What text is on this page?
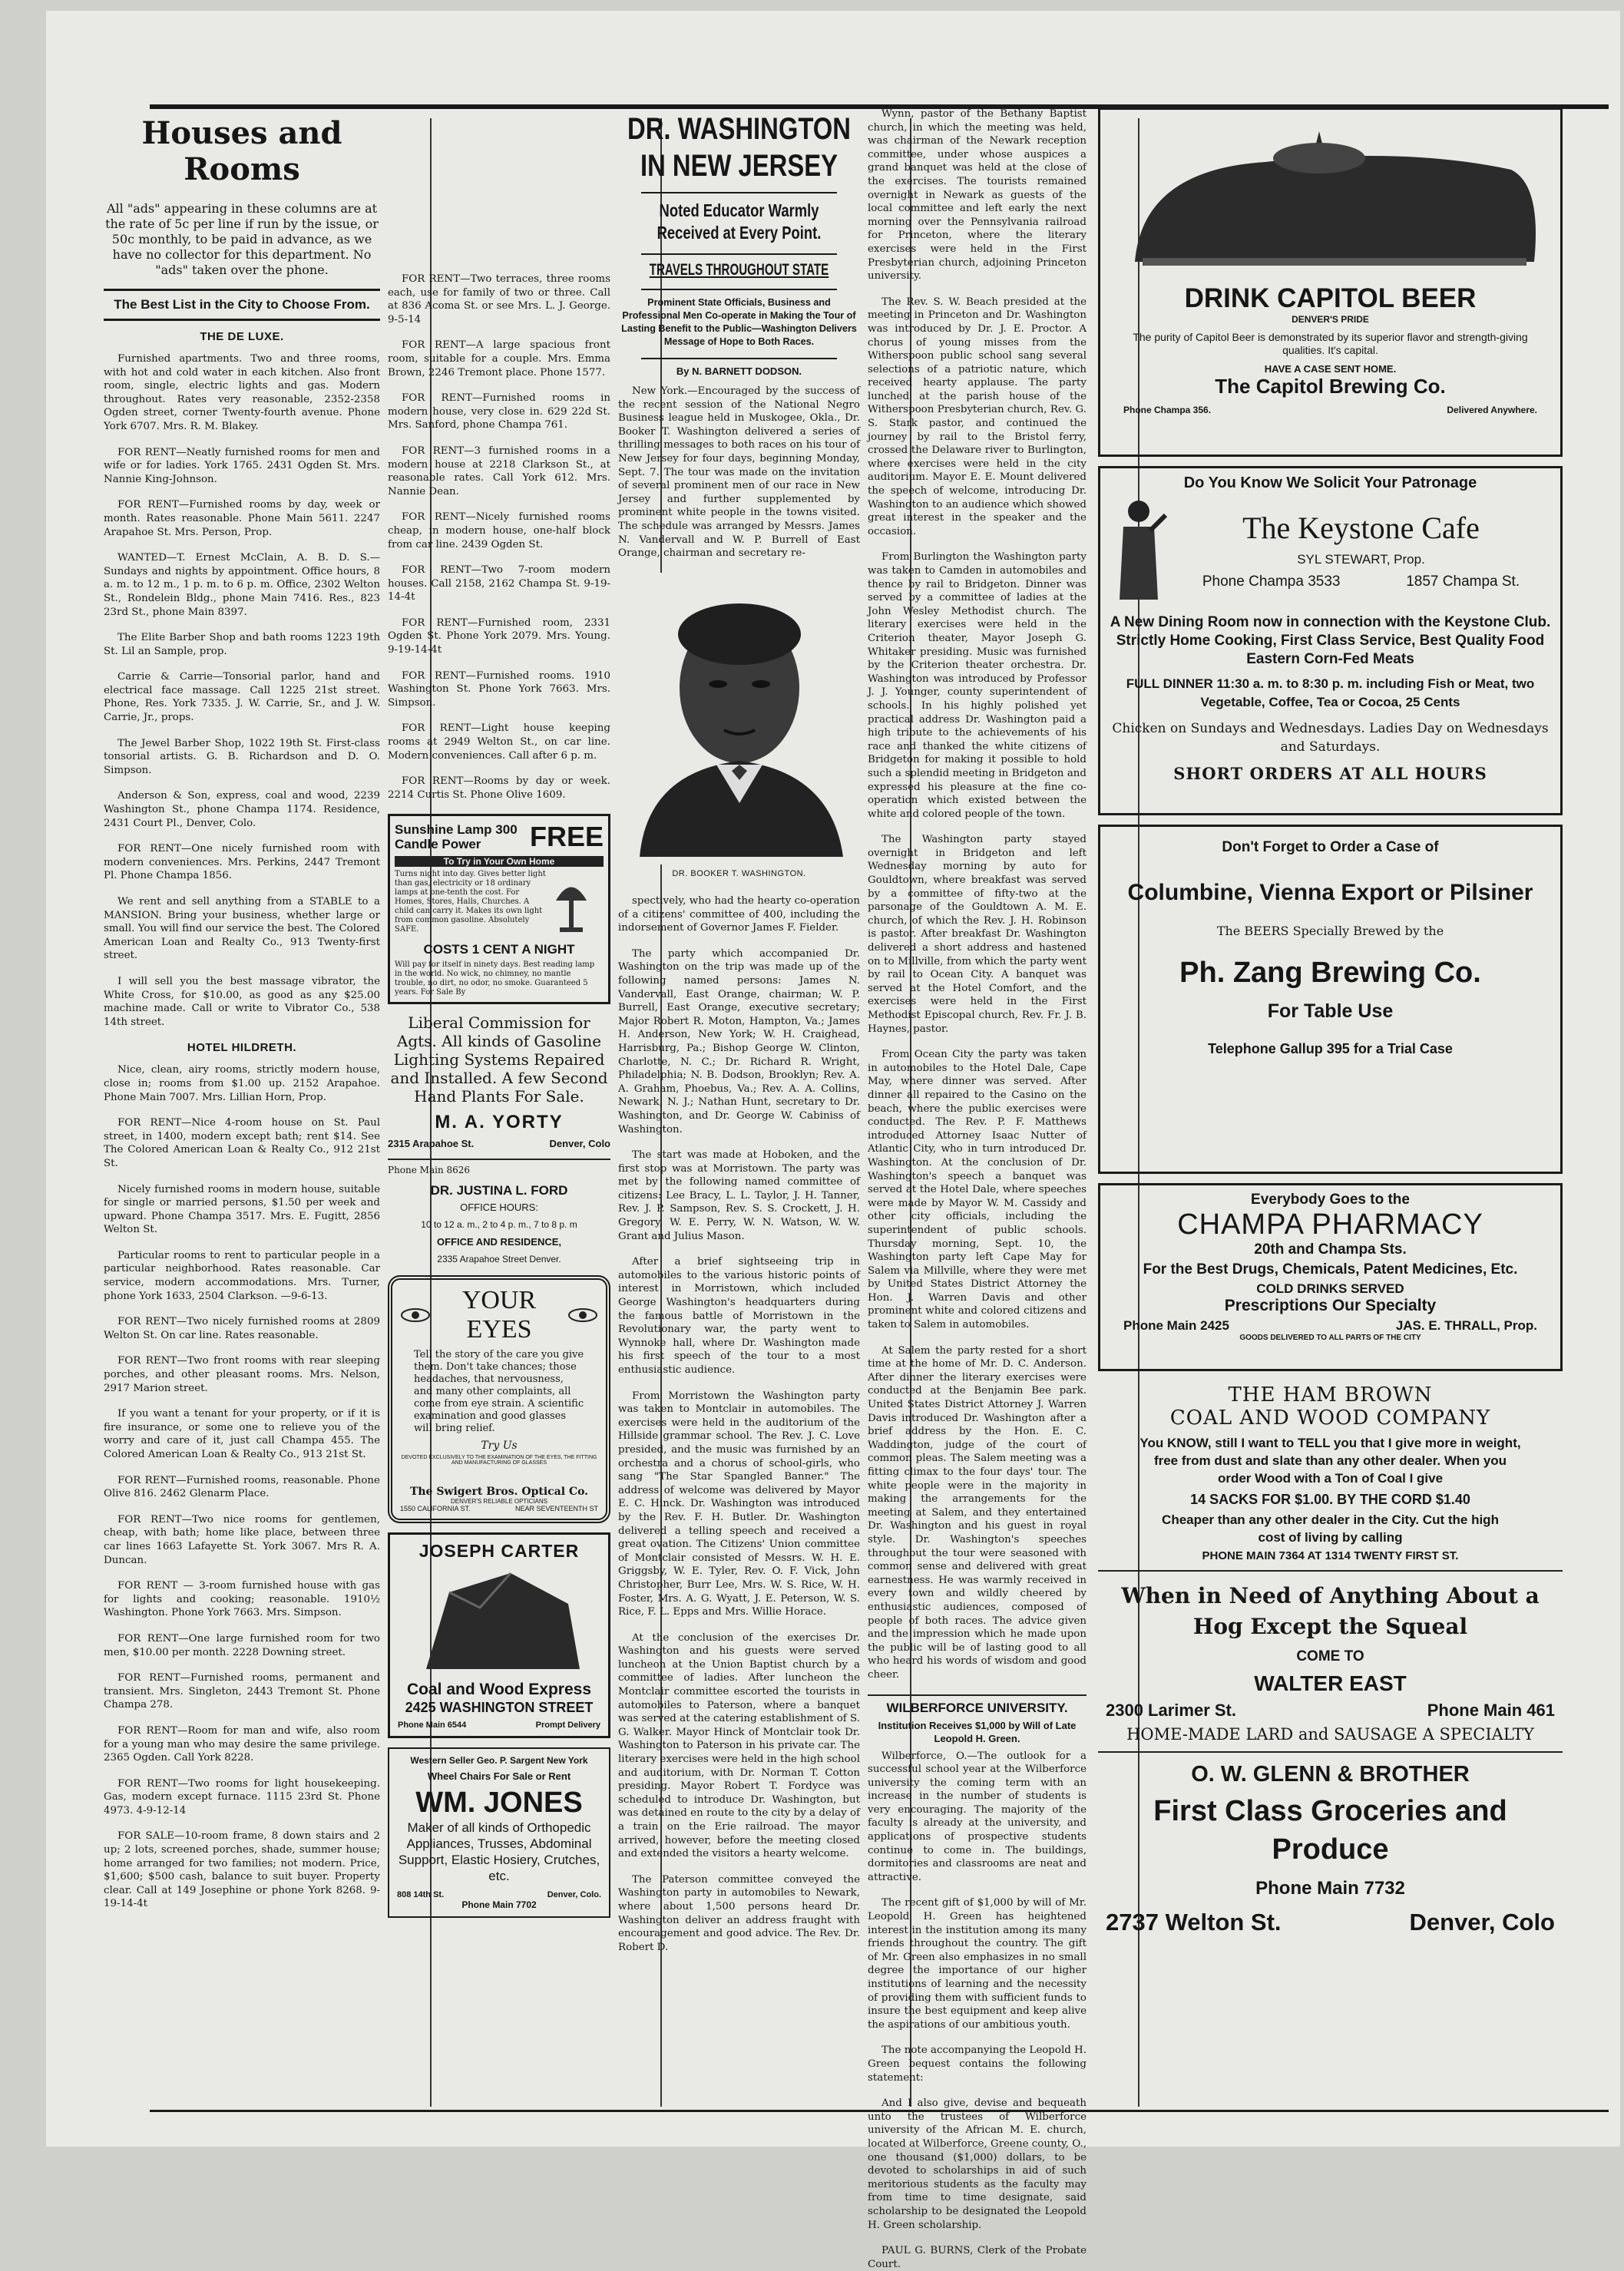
Houses and Rooms
All "ads" appearing in these columns are at the rate of 5c per line if run by the issue, or 50c monthly, to be paid in advance, as we have no collector for this department. No "ads" taken over the phone.
The Best List in the City to Choose From.
THE DE LUXE.

Furnished apartments. Two and three rooms, with hot and cold water in each kitchen. Also front room, single, electric lights and gas. Modern throughout. Rates very reasonable, 2352-2358 Ogden street, corner Twenty-fourth avenue. Phone York 6707. Mrs. R. M. Blakey.

FOR RENT—Neatly furnished rooms for men and wife or for ladies. York 1765. 2431 Ogden St. Mrs. Nannie King-Johnson.

FOR RENT—Furnished rooms by day, week or month. Rates reasonable. Phone Main 5611. 2247 Arapahoe St. Mrs. Person, Prop.

WANTED—T. Ernest McClain, A. B. D. S.—Sundays and nights by appointment. Office hours, 8 a. m. to 12 m., 1 p. m. to 6 p. m. Office, 2302 Welton St., Rondelein Bldg., phone Main 7416. Res., 823 23rd St., phone Main 8397.

The Elite Barber Shop and bath rooms 1223 19th St. Lil an Sample, prop.

Carrie & Carrie—Tonsorial parlor, hand and electrical face massage. Call 1225 21st street. Phone, Res. York 7335. J. W. Carrie, Sr., and J. W. Carrie, Jr., props.

The Jewel Barber Shop, 1022 19th St. First-class tonsorial artists. G. B. Richardson and D. O. Simpson.

Anderson & Son, express, coal and wood, 2239 Washington St., phone Champa 1174. Residence, 2431 Court Pl., Denver, Colo.

FOR RENT—One nicely furnished room with modern conveniences. Mrs. Perkins, 2447 Tremont Pl. Phone Champa 1856.

We rent and sell anything from a STABLE to a MANSION. Bring your business, whether large or small. You will find our service the best. The Colored American Loan and Realty Co., 913 Twenty-first street.

I will sell you the best massage vibrator, the White Cross, for $10.00, as good as any $25.00 machine made. Call or write to Vibrator Co., 538 14th street.

HOTEL HILDRETH.

Nice, clean, airy rooms, strictly modern house, close in; rooms from $1.00 up. 2152 Arapahoe. Phone Main 7007. Mrs. Lillian Horn, Prop.

FOR RENT—Nice 4-room house on St. Paul street, in 1400, modern except bath; rent $14. See The Colored American Loan & Realty Co., 912 21st St.

Nicely furnished rooms in modern house, suitable for single or married persons, $1.50 per week and upward. Phone Champa 3517. Mrs. E. Fugitt, 2856 Welton St.

Particular rooms to rent to particular people in a particular neighborhood. Rates reasonable. Car service, modern accommodations. Mrs. Turner, phone York 1633, 2504 Clarkson. —9-6-13.

FOR RENT—Two nicely furnished rooms at 2809 Welton St. On car line. Rates reasonable.

FOR RENT—Two front rooms with rear sleeping porches, and other pleasant rooms. Mrs. Nelson, 2917 Marion street.

If you want a tenant for your property, or if it is fire insurance, or some one to relieve you of the worry and care of it, just call Champa 455. The Colored American Loan & Realty Co., 913 21st St.

FOR RENT—Furnished rooms, reasonable. Phone Olive 816. 2462 Glenarm Place.

FOR RENT—Two nice rooms for gentlemen, cheap, with bath; home like place, between three car lines 1663 Lafayette St. York 3067. Mrs R. A. Duncan.

FOR RENT — 3-room furnished house with gas for lights and cooking; reasonable. 1910½ Washington. Phone York 7663. Mrs. Simpson.

FOR RENT—One large furnished room for two men, $10.00 per month. 2228 Downing street.

FOR RENT—Furnished rooms, permanent and transient. Mrs. Singleton, 2443 Tremont St. Phone Champa 278.

FOR RENT—Room for man and wife, also room for a young man who may desire the same privilege. 2365 Ogden. Call York 8228.

FOR RENT—Two rooms for light housekeeping. Gas, modern except furnace. 1115 23rd St. Phone 4973. 4-9-12-14

FOR SALE—10-room frame, 8 down stairs and 2 up; 2 lots, screened porches, shade, summer house; home arranged for two families; not modern. Price, $1,600; $500 cash, balance to suit buyer. Property clear. Call at 149 Josephine or phone York 8268. 9-19-14-4t

FOR RENT—Two terraces, three rooms each, use for family of two or three. Call at 836 Acoma St. or see Mrs. L. J. George. 9-5-14

FOR RENT—A large spacious front room, suitable for a couple. Mrs. Emma Brown, 2246 Tremont place. Phone 1577.

FOR RENT—Furnished rooms in modern house, very close in. 629 22d St. Mrs. Sanford, phone Champa 761.

FOR RENT—3 furnished rooms in a modern house at 2218 Clarkson St., at reasonable rates. Call York 612. Mrs. Nannie Dean.

FOR RENT—Nicely furnished rooms cheap, in modern house, one-half block from car line. 2439 Ogden St.

FOR RENT—Two 7-room modern houses. Call 2158, 2162 Champa St. 9-19-14-4t

FOR RENT—Furnished room, 2331 Ogden St. Phone York 2079. Mrs. Young. 9-19-14-4t

FOR RENT—Furnished rooms. 1910 Washington St. Phone York 7663. Mrs. Simpson.

FOR RENT—Light house keeping rooms at 2949 Welton St., on car line. Modern conveniences. Call after 6 p. m.

FOR RENT—Rooms by day or week. 2214 Curtis St. Phone Olive 1609.

Sunshine Lamp 300 Candle Power	FREE
To Try in Your Own Home
Turns night into day. Gives better light than gas, electricity or 18 ordinary lamps at one-tenth the cost. For Homes, Stores, Halls, Churches. A child can carry it. Makes its own light from common gasoline. Absolutely SAFE.
COSTS 1 CENT A NIGHT
Will pay for itself in ninety days. Best reading lamp in the world. No wick, no chimney, no mantle trouble, no dirt, no odor, no smoke. Guaranteed 5 years. For Sale By
Liberal Commission for Agts. All kinds of Gasoline Lighting Systems Repaired and Installed. A few Second Hand Plants For Sale.
M. A. YORTY
2315 Arapahoe St.	Denver, Colo
Phone Main 8626
DR. JUSTINA L. FORD
OFFICE HOURS:
10 to 12 a. m., 2 to 4 p. m., 7 to 8 p. m
OFFICE AND RESIDENCE,
2335 Arapahoe Street Denver.
YOUR EYES
Tell the story of the care you give them. Don't take chances; those headaches, that nervousness, and many other complaints, all come from eye strain. A scientific examination and good glasses will bring relief.
Try Us
DEVOTED EXCLUSIVELY TO THE EXAMINATION OF THE EYES, THE FITTING AND MANUFACTURING OF GLASSES
The Swigert Bros. Optical Co.
DENVER'S RELIABLE OPTICIANS
1550 CALIFORNIA ST.	NEAR SEVENTEENTH ST
JOSEPH CARTER
Coal and Wood Express
2425 WASHINGTON STREET
Phone Main 6544	Prompt Delivery
Western Seller Geo. P. Sargent New York
Wheel Chairs For Sale or Rent
WM. JONES
Maker of all kinds of Orthopedic Appliances, Trusses, Abdominal Support, Elastic Hosiery, Crutches, etc.
808 14th St.	Denver, Colo.
Phone Main 7702
DR. WASHINGTON IN NEW JERSEY
Noted Educator Warmly Received at Every Point.
TRAVELS THROUGHOUT STATE
Prominent State Officials, Business and Professional Men Co-operate in Making the Tour of Lasting Benefit to the Public—Washington Delivers Message of Hope to Both Races.
By N. BARNETT DODSON.

New York.—Encouraged by the success of the recent session of the National Negro Business league held in Muskogee, Okla., Dr. Booker T. Washington delivered a series of thrilling messages to both races on his tour of New Jersey for four days, beginning Monday, Sept. 7. The tour was made on the invitation of several prominent men of our race in New Jersey and further supplemented by prominent white people in the towns visited. The schedule was arranged by Messrs. James N. Vandervall and W. P. Burrell of East Orange, chairman and secretary re-

DR. BOOKER T. WASHINGTON.

Wynn, pastor of the Bethany Baptist church, in which the meeting was held, was chairman of the Newark reception committee, under whose auspices a grand banquet was held at the close of the exercises. The tourists remained overnight in Newark as guests of the local committee and left early the next morning over the Pennsylvania railroad for Princeton, where the literary exercises were held in the First Presbyterian church, adjoining Princeton university.

The Rev. S. W. Beach presided at the meeting in Princeton and Dr. Washington was introduced by Dr. J. E. Proctor. A chorus of young misses from the Witherspoon public school sang several selections of a patriotic nature, which received hearty applause. The party lunched at the parish house of the Witherspoon Presbyterian church, Rev. G. S. Stark pastor, and continued the journey by rail to the Bristol ferry, crossed the Delaware river to Burlington, where exercises were held in the city auditorium. Mayor E. E. Mount delivered the speech of welcome, introducing Dr. Washington to an audience which showed great interest in the speaker and the occasion.

From Burlington the Washington party was taken to Camden in automobiles and thence by rail to Bridgeton. Dinner was served by a committee of ladies at the John Wesley Methodist church. The literary exercises were held in the Criterion theater, Mayor Joseph G. Whitaker presiding. Music was furnished by the Criterion theater orchestra. Dr. Washington was introduced by Professor J. J. Younger, county superintendent of schools. In his highly polished yet practical address Dr. Washington paid a high tribute to the achievements of his race and thanked the white citizens of Bridgeton for making it possible to hold such a splendid meeting in Bridgeton and expressed his pleasure at the fine co-operation which existed between the white and colored people of the town.

The Washington party stayed overnight in Bridgeton and left Wednesday morning by auto for Gouldtown, where breakfast was served by a committee of fifty-two at the parsonage of the Gouldtown A. M. E. church, of which the Rev. J. H. Robinson is pastor. After breakfast Dr. Washington delivered a short address and hastened on to Millville, from which the party went by rail to Ocean City. A banquet was served at the Hotel Comfort, and the exercises were held in the First Methodist Episcopal church, Rev. Fr. J. B. Haynes, pastor.

From Ocean City the party was taken in automobiles to the Hotel Dale, Cape May, where dinner was served. After dinner all repaired to the Casino on the beach, where the public exercises were conducted. The Rev. P. F. Matthews introduced Attorney Isaac Nutter of Atlantic City, who in turn introduced Dr. Washington. At the conclusion of Dr. Washington's speech a banquet was served at the Hotel Dale, where speeches were made by Mayor W. M. Cassidy and other city officials, including the superintendent of public schools. Thursday morning, Sept. 10, the Washington party left Cape May for Salem via Millville, where they were met by United States District Attorney the Hon. J. Warren Davis and other prominent white and colored citizens and taken to Salem in automobiles.

At Salem the party rested for a short time at the home of Mr. D. C. Anderson. After dinner the literary exercises were conducted at the Benjamin Bee park. United States District Attorney J. Warren Davis introduced Dr. Washington after a brief address by the Hon. E. C. Waddington, judge of the court of common pleas. The Salem meeting was a fitting climax to the four days' tour. The white people were in the majority in making the arrangements for the meeting at Salem, and they entertained Dr. Washington and his guest in royal style. Dr. Washington's speeches throughout the tour were seasoned with common sense and delivered with great earnestness. He was warmly received in every town and wildly cheered by enthusiastic audiences, composed of people of both races. The advice given and the impression which he made upon the public will be of lasting good to all who heard his words of wisdom and good cheer.

WILBERFORCE UNIVERSITY.
Institution Receives $1,000 by Will of Late Leopold H. Green.

Wilberforce, O.—The outlook for a successful school year at the Wilberforce university the coming term with an increase in the number of students is very encouraging. The majority of the faculty is already at the university, and applications of prospective students continue to come in. The buildings, dormitories and classrooms are neat and attractive.

The recent gift of $1,000 by will of Mr. Leopold H. Green has heightened interest in the institution among its many friends throughout the country. The gift of Mr. Green also emphasizes in no small degree the importance of our higher institutions of learning and the necessity of providing them with sufficient funds to insure the best equipment and keep alive the aspirations of our ambitious youth.

The note accompanying the Leopold H. Green bequest contains the following statement:

And I also give, devise and bequeath unto the trustees of Wilberforce university of the African M. E. church, located at Wilberforce, Greene county, O., one thousand ($1,000) dollars, to be devoted to scholarships in aid of such meritorious students as the faculty may from time to time designate, said scholarship to be designated the Leopold H. Green scholarship.

PAUL G. BURNS, Clerk of the Probate Court.

spectively, who had the hearty co-operation of a citizens' committee of 400, including the indorsement of Governor James F. Fielder.

The party which accompanied Dr. Washington on the trip was made up of the following named persons: James N. Vandervall, East Orange, chairman; W. P. Burrell, East Orange, executive secretary; Major Robert R. Moton, Hampton, Va.; James H. Anderson, New York; W. H. Craighead, Harrisburg, Pa.; Bishop George W. Clinton, Charlotte, N. C.; Dr. Richard R. Wright, Philadelphia; N. B. Dodson, Brooklyn; Rev. A. A. Graham, Phoebus, Va.; Rev. A. A. Collins, Newark, N. J.; Nathan Hunt, secretary to Dr. Washington, and Dr. George W. Cabiniss of Washington.

The start was made at Hoboken, and the first stop was at Morristown. The party was met by the following named committee of citizens: Lee Bracy, L. L. Taylor, J. H. Tanner, Rev. J. P. Sampson, Rev. S. S. Crockett, J. H. Gregory, W. E. Perry, W. N. Watson, W. W. Grant and Julius Mason.

After a brief sightseeing trip in automobiles to the various historic points of interest in Morristown, which included George Washington's headquarters during the famous battle of Morristown in the Revolutionary war, the party went to Wynnoke hall, where Dr. Washington made his first speech of the tour to a most enthusiastic audience.

From Morristown the Washington party was taken to Montclair in automobiles. The exercises were held in the auditorium of the Hillside grammar school. The Rev. J. C. Love presided, and the music was furnished by an orchestra and a chorus of school-girls, who sang "The Star Spangled Banner." The address of welcome was delivered by Mayor E. C. Hinck. Dr. Washington was introduced by the Rev. F. H. Butler. Dr. Washington delivered a telling speech and received a great ovation. The Citizens' Union committee of Montclair consisted of Messrs. W. H. E. Griggsby, W. E. Tyler, Rev. O. F. Vick, John Christopher, Burr Lee, Mrs. W. S. Rice, W. H. Foster, Mrs. A. G. Wyatt, J. E. Peterson, W. S. Rice, F. L. Epps and Mrs. Willie Horace.

At the conclusion of the exercises Dr. Washington and his guests were served luncheon at the Union Baptist church by a committee of ladies. After luncheon the Montclair committee escorted the tourists in automobiles to Paterson, where a banquet was served at the catering establishment of S. G. Walker. Mayor Hinck of Montclair took Dr. Washington to Paterson in his private car. The literary exercises were held in the high school and auditorium, with Dr. Norman T. Cotton presiding. Mayor Robert T. Fordyce was scheduled to introduce Dr. Washington, but was detained en route to the city by a delay of a train on the Erie railroad. The mayor arrived, however, before the meeting closed and extended the visitors a hearty welcome.

The Paterson committee conveyed the Washington party in automobiles to Newark, where about 1,500 persons heard Dr. Washington deliver an address fraught with encouragement and good advice. The Rev. Dr. Robert D.

DRINK CAPITOL BEER
DENVER'S PRIDE
The purity of Capitol Beer is demonstrated by its superior flavor and strength-giving qualities. It's capital.
HAVE A CASE SENT HOME.
The Capitol Brewing Co.
Phone Champa 356.	Delivered Anywhere.
Do You Know We Solicit Your Patronage
The Keystone Cafe
SYL STEWART, Prop.
Phone Champa 3533	1857 Champa St.
A New Dining Room now in connection with the Keystone Club. Strictly Home Cooking, First Class Service, Best Quality Food Eastern Corn-Fed Meats
FULL DINNER 11:30 a. m. to 8:30 p. m. including Fish or Meat, two Vegetable, Coffee, Tea or Cocoa, 25 Cents
Chicken on Sundays and Wednesdays. Ladies Day on Wednesdays and Saturdays.
SHORT ORDERS AT ALL HOURS
Don't Forget to Order a Case of
Columbine, Vienna Export or Pilsiner
The BEERS Specially Brewed by the
Ph. Zang Brewing Co.
For Table Use
Telephone Gallup 395 for a Trial Case
Everybody Goes to the
CHAMPA PHARMACY
20th and Champa Sts.
For the Best Drugs, Chemicals, Patent Medicines, Etc.
COLD DRINKS SERVED
Prescriptions Our Specialty
Phone Main 2425	JAS. E. THRALL, Prop.
GOODS DELIVERED TO ALL PARTS OF THE CITY
THE HAM BROWN
COAL AND WOOD COMPANY
You KNOW, still I want to TELL you that I give more in weight, free from dust and slate than any other dealer. When you order Wood with a Ton of Coal I give
14 SACKS FOR $1.00. BY THE CORD $1.40
Cheaper than any other dealer in the City. Cut the high cost of living by calling
PHONE MAIN 7364 AT 1314 TWENTY FIRST ST.
When in Need of Anything About a Hog Except the Squeal
COME TO
WALTER EAST
2300 Larimer St.	Phone Main 461
HOME-MADE LARD and SAUSAGE A SPECIALTY
O. W. GLENN & BROTHER
First Class Groceries and Produce
Phone Main 7732
2737 Welton St.	Denver, Colo
